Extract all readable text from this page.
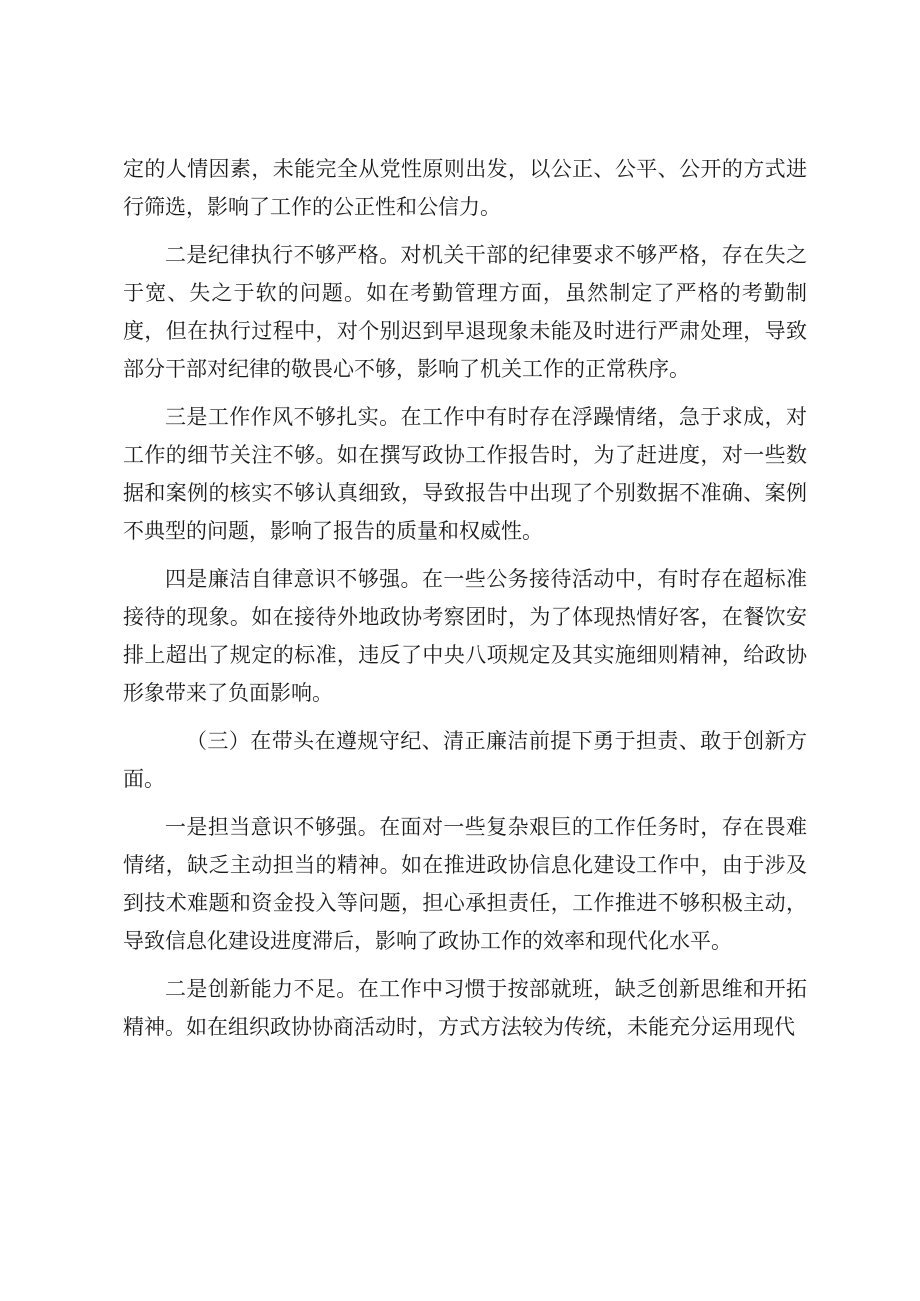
定的人情因素，未能完全从党性原则出发，以公正、公平、公开的方式进行筛选，影响了工作的公正性和公信力。

二是纪律执行不够严格。对机关干部的纪律要求不够严格，存在失之于宽、失之于软的问题。如在考勤管理方面，虽然制定了严格的考勤制度，但在执行过程中，对个别迟到早退现象未能及时进行严肃处理，导致部分干部对纪律的敬畏心不够，影响了机关工作的正常秩序。

三是工作作风不够扎实。在工作中有时存在浮躁情绪，急于求成，对工作的细节关注不够。如在撰写政协工作报告时，为了赶进度，对一些数据和案例的核实不够认真细致，导致报告中出现了个别数据不准确、案例不典型的问题，影响了报告的质量和权威性。

四是廉洁自律意识不够强。在一些公务接待活动中，有时存在超标准接待的现象。如在接待外地政协考察团时，为了体现热情好客，在餐饮安排上超出了规定的标准，违反了中央八项规定及其实施细则精神，给政协形象带来了负面影响。

（三）在带头在遵规守纪、清正廉洁前提下勇于担责、敢于创新方面。

一是担当意识不够强。在面对一些复杂艰巨的工作任务时，存在畏难情绪，缺乏主动担当的精神。如在推进政协信息化建设工作中，由于涉及到技术难题和资金投入等问题，担心承担责任，工作推进不够积极主动，导致信息化建设进度滞后，影响了政协工作的效率和现代化水平。

二是创新能力不足。在工作中习惯于按部就班，缺乏创新思维和开拓精神。如在组织政协协商活动时，方式方法较为传统，未能充分运用现代
